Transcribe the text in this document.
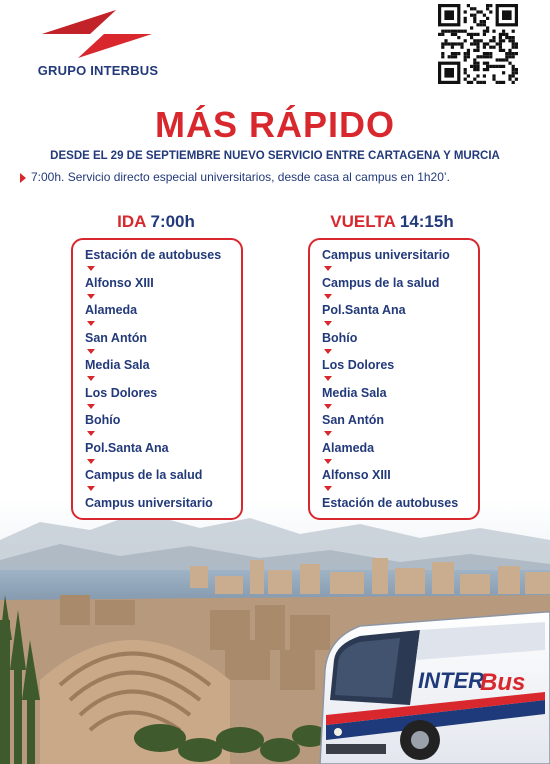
GRUPO INTERBUS
MÁS RÁPIDO
DESDE EL 29 DE SEPTIEMBRE NUEVO SERVICIO ENTRE CARTAGENA Y MURCIA
7:00h. Servicio directo especial universitarios, desde casa al campus en 1h20’.
INTER
Bus
IDA 7:00h
Estación de autobuses
Alfonso XIII
Alameda
San Antón
Media Sala
Los Dolores
Bohío
Pol.Santa Ana
Campus de la salud
Campus universitario
VUELTA 14:15h
Campus universitario
Campus de la salud
Pol.Santa Ana
Bohío
Los Dolores
Media Sala
San Antón
Alameda
Alfonso XIII
Estación de autobuses
